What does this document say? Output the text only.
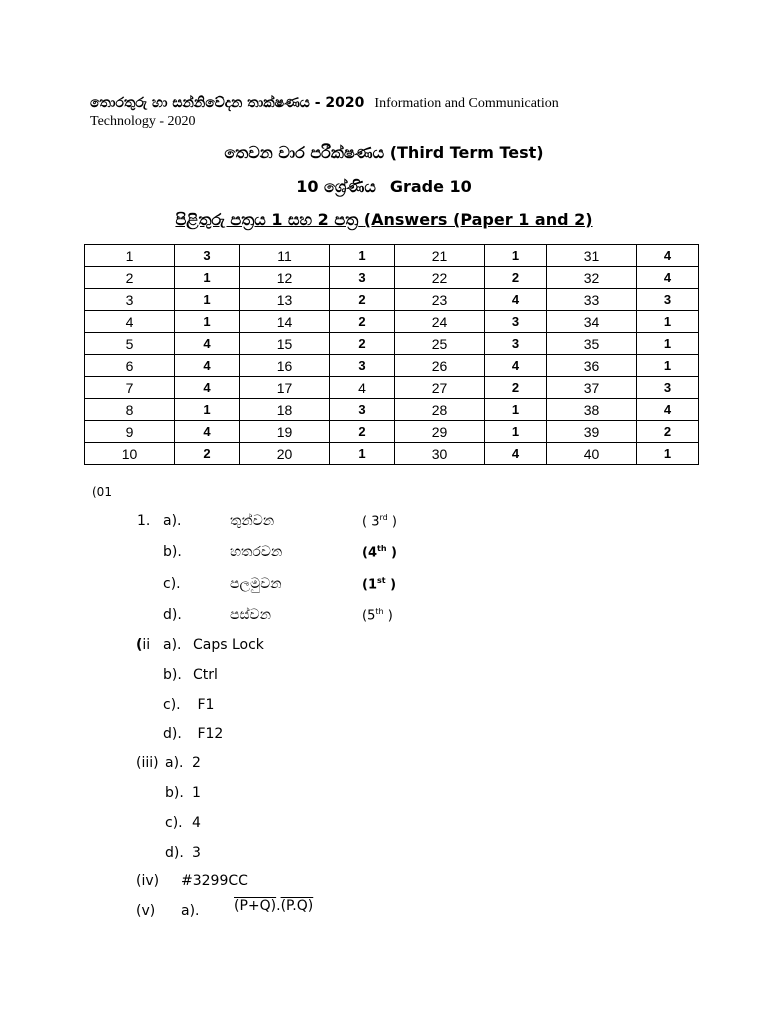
තොරතුරු හා සන්නිවේදන තාක්ෂණය - 2020 Information and Communication
Technology - 2020
තෙවන වාර පරීක්ෂණය (Third Term Test)
10 ශ්‍රේණිය Grade 10
පිළිතුරු පත්‍රය 1 සහ 2 පත්‍ර (Answers (Paper 1 and 2)
1	3	11	1	21	1	31	4
2	1	12	3	22	2	32	4
3	1	13	2	23	4	33	3
4	1	14	2	24	3	34	1
5	4	15	2	25	3	35	1
6	4	16	3	26	4	36	1
7	4	17	4	27	2	37	3
8	1	18	3	28	1	38	4
9	4	19	2	29	1	39	2
10	2	20	1	30	4	40	1
(01
1. a).	තුන්වන	( 3rd )
b).	හතරවන	(4th )
c).	පලමුවන	(1st )
d).	පස්වන	(5th )
(ii a). Caps Lock
b). Ctrl
c). F1
d). F12
(iii) a). 2
b). 1
c). 4
d). 3
(iv) #3299CC
(v) a). (P+Q).(P.Q)
